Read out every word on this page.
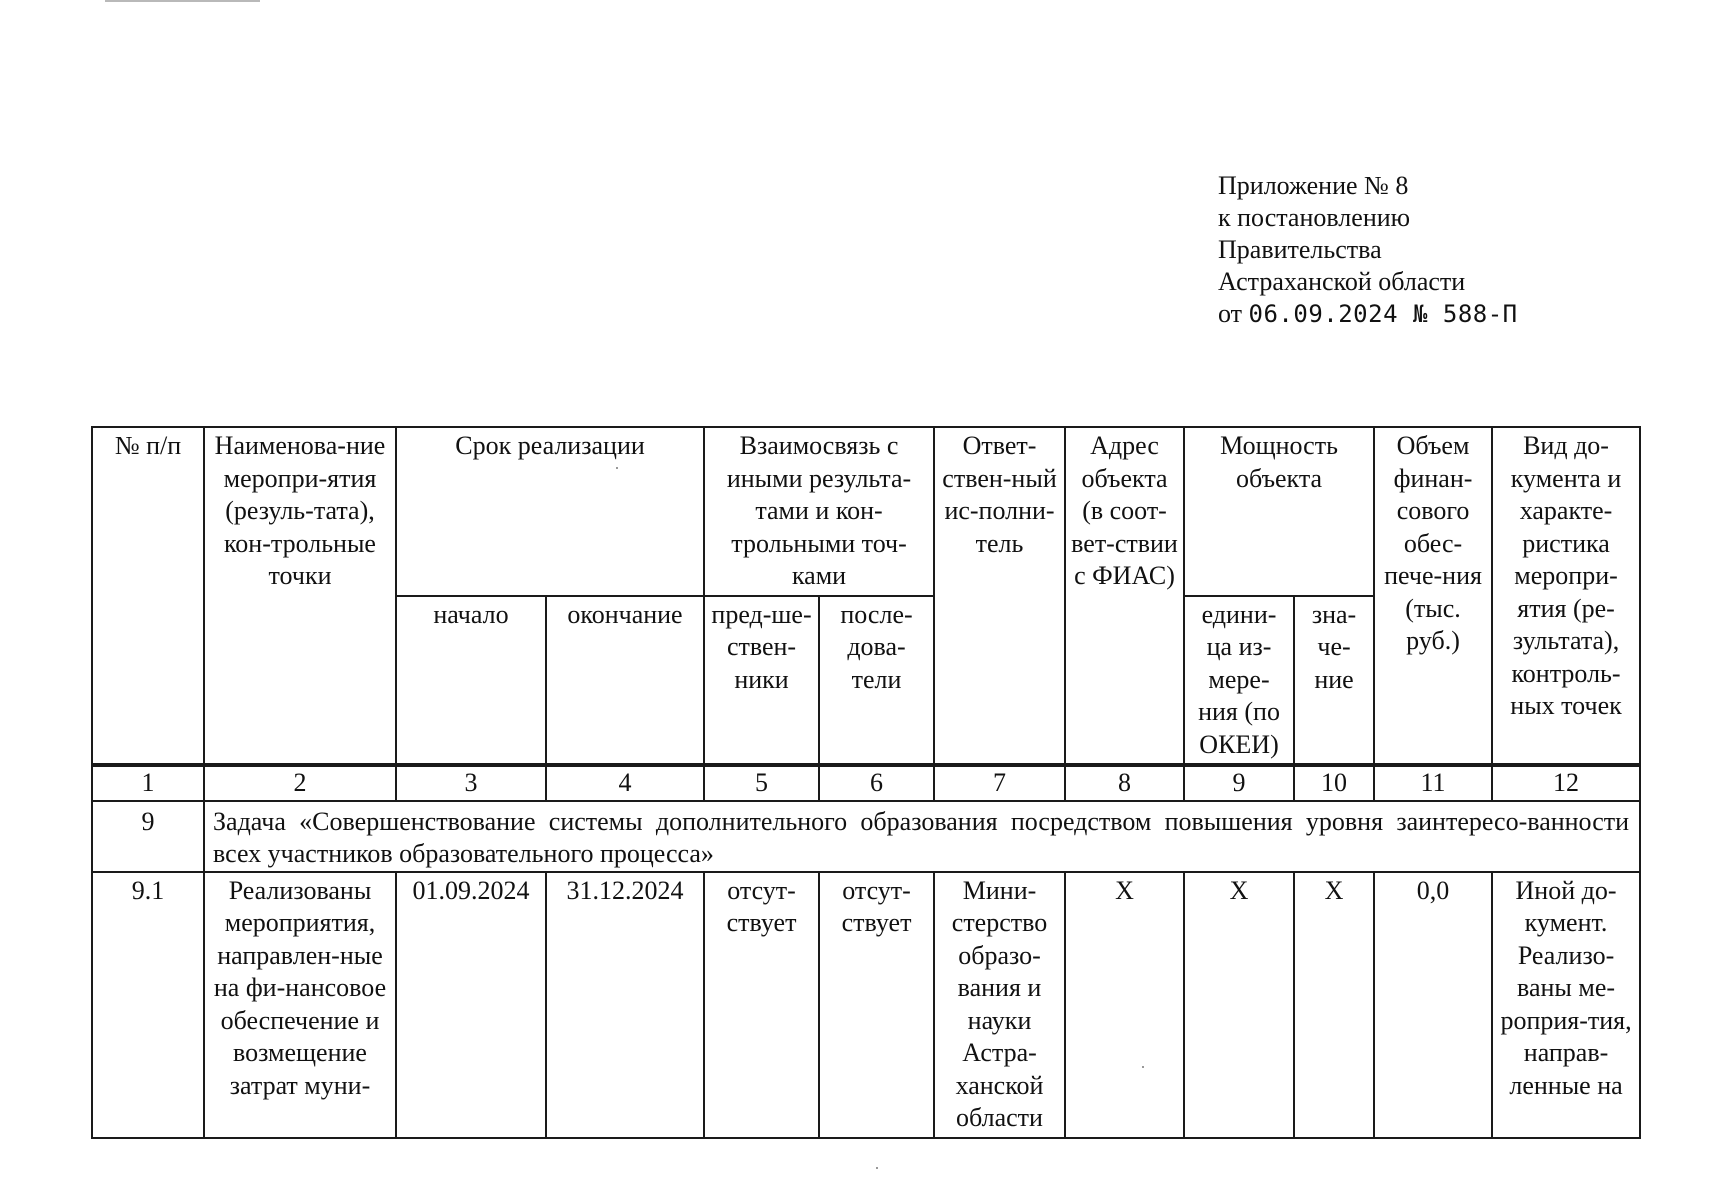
Приложение № 8
к постановлению
Правительства
Астраханской области
от 06.09.2024 № 588-П
№ п/п	Наименова-ние меропри-ятия (резуль-тата), кон-трольные точки	Срок реализации		Взаимосвязь с иными результа-тами и кон-трольными точ-ками		Ответ-ствен-ный ис-полни-тель	Адрес объекта (в соот-вет-ствии с ФИАС)	Мощность объекта		Объем финан-сового обес-пече-ния (тыс. руб.)	Вид до-кумента и характе-ристика меропри-ятия (ре-зультата), контроль-ных точек
		начало	окончание	пред-ше-ствен-ники	после-дова-тели			едини-ца из-мере-ния (по ОКЕИ)	зна-че-ние		
1	2	3	4	5	6	7	8	9	10	11	12
9	Задача «Совершенствование системы дополнительного образования посредством повышения уровня заинтересо-ванности всех участников образовательного процесса»										
9.1	Реализованы мероприятия, направлен-ные на фи-нансовое обеспечение и возмещение затрат муни-	01.09.2024	31.12.2024	отсут-ствует	отсут-ствует	Мини-стерство образо-вания и науки Астра-ханской области	X	X	X	0,0	Иной до-кумент. Реализо-ваны ме-роприя-тия, направ-ленные на
